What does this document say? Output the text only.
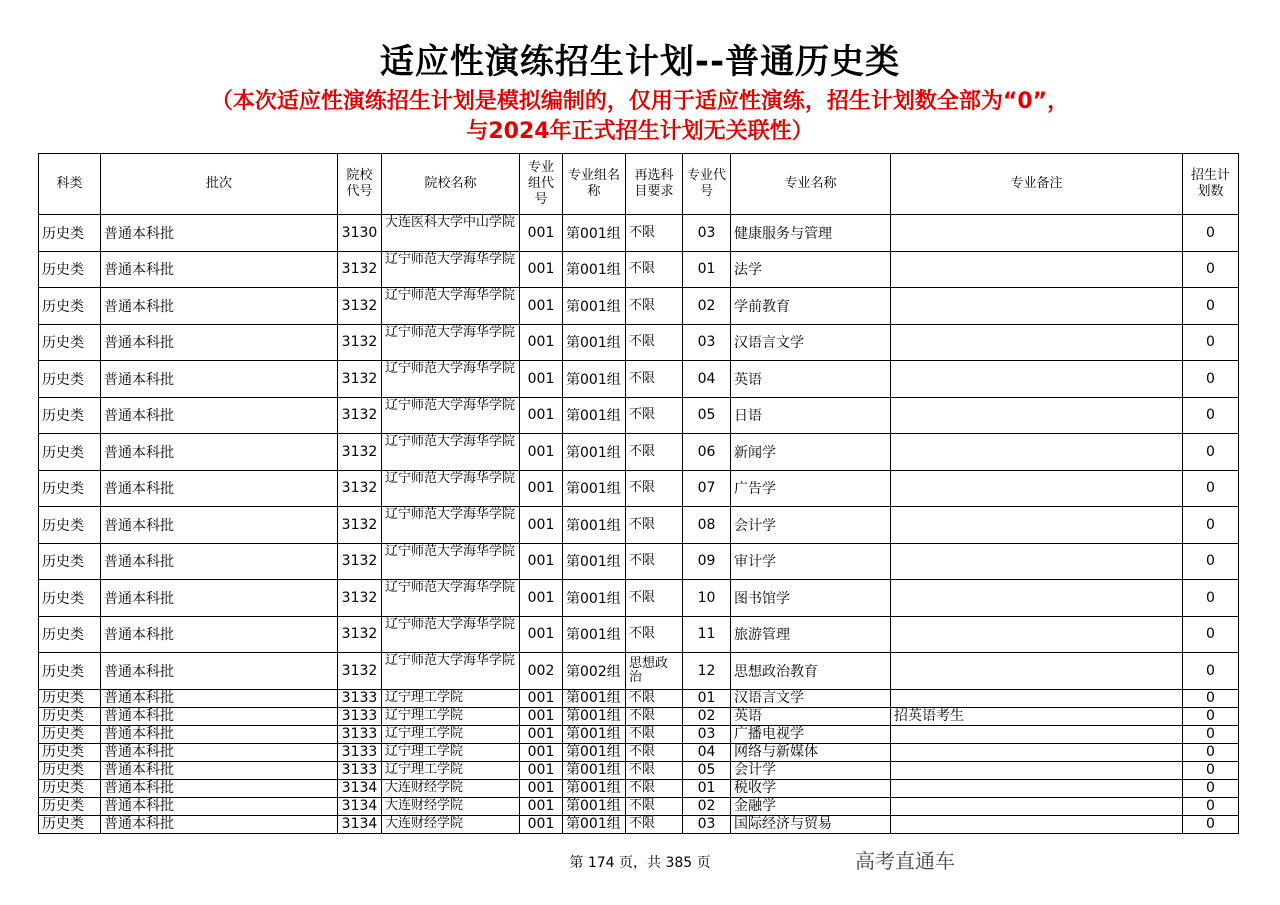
适应性演练招生计划--普通历史类
（本次适应性演练招生计划是模拟编制的，仅用于适应性演练，招生计划数全部为“0”，
与2024年正式招生计划无关联性）
科类	批次	院校代号	院校名称	专业组代号	专业组名称	再选科目要求	专业代号	专业名称	专业备注	招生计划数
历史类	普通本科批	3130	大连医科大学中山学院	001	第001组	不限	03	健康服务与管理		0
历史类	普通本科批	3132	辽宁师范大学海华学院	001	第001组	不限	01	法学		0
历史类	普通本科批	3132	辽宁师范大学海华学院	001	第001组	不限	02	学前教育		0
历史类	普通本科批	3132	辽宁师范大学海华学院	001	第001组	不限	03	汉语言文学		0
历史类	普通本科批	3132	辽宁师范大学海华学院	001	第001组	不限	04	英语		0
历史类	普通本科批	3132	辽宁师范大学海华学院	001	第001组	不限	05	日语		0
历史类	普通本科批	3132	辽宁师范大学海华学院	001	第001组	不限	06	新闻学		0
历史类	普通本科批	3132	辽宁师范大学海华学院	001	第001组	不限	07	广告学		0
历史类	普通本科批	3132	辽宁师范大学海华学院	001	第001组	不限	08	会计学		0
历史类	普通本科批	3132	辽宁师范大学海华学院	001	第001组	不限	09	审计学		0
历史类	普通本科批	3132	辽宁师范大学海华学院	001	第001组	不限	10	图书馆学		0
历史类	普通本科批	3132	辽宁师范大学海华学院	001	第001组	不限	11	旅游管理		0
历史类	普通本科批	3132	辽宁师范大学海华学院	002	第002组	思想政治	12	思想政治教育		0
历史类	普通本科批	3133	辽宁理工学院	001	第001组	不限	01	汉语言文学		0
历史类	普通本科批	3133	辽宁理工学院	001	第001组	不限	02	英语	招英语考生	0
历史类	普通本科批	3133	辽宁理工学院	001	第001组	不限	03	广播电视学		0
历史类	普通本科批	3133	辽宁理工学院	001	第001组	不限	04	网络与新媒体		0
历史类	普通本科批	3133	辽宁理工学院	001	第001组	不限	05	会计学		0
历史类	普通本科批	3134	大连财经学院	001	第001组	不限	01	税收学		0
历史类	普通本科批	3134	大连财经学院	001	第001组	不限	02	金融学		0
历史类	普通本科批	3134	大连财经学院	001	第001组	不限	03	国际经济与贸易		0
第 174 页，共 385 页	高考直通车
